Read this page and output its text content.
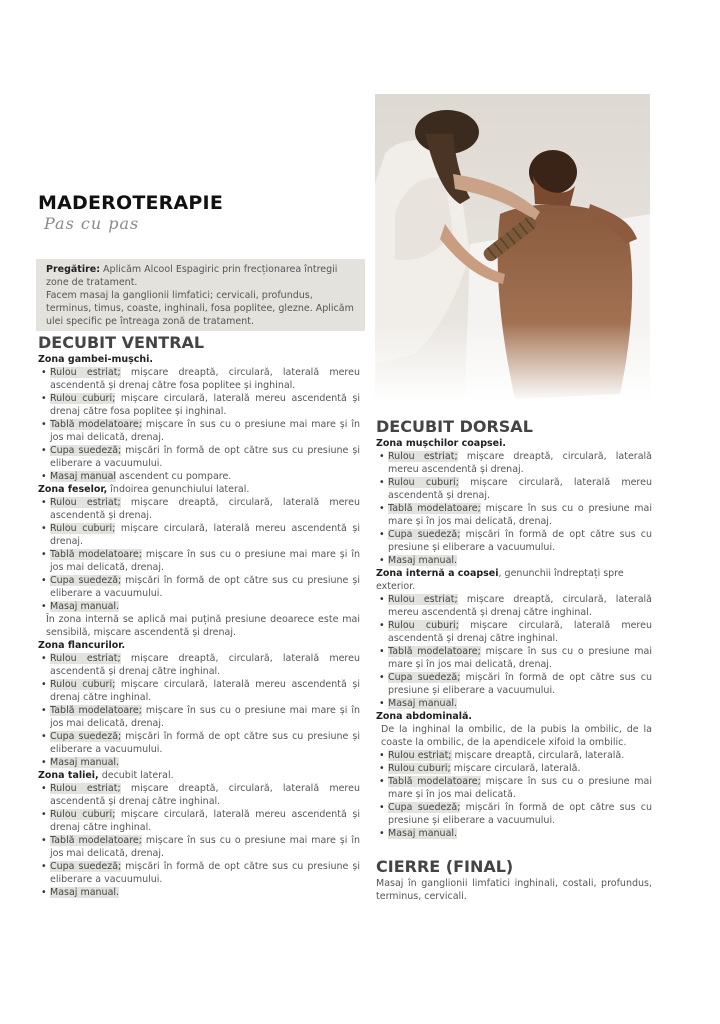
MADEROTERAPIE
Pas cu pas
Pregătire: Aplicăm Alcool Espagiric prin frecționarea întregii zone de tratament.
Facem masaj la ganglionii limfatici; cervicali, profundus, terminus, timus, coaste, inghinali, fosa poplitee, glezne. Aplicăm ulei specific pe întreaga zonă de tratament.
DECUBIT VENTRAL
Zona gambei-mușchi.
• Rulou estriat; mișcare dreaptă, circulară, laterală mereu ascendentă și drenaj către fosa poplitee și inghinal.
• Rulou cuburi; mișcare circulară, laterală mereu ascendentă și drenaj către fosa poplitee și inghinal.
• Tablă modelatoare; mișcare în sus cu o presiune mai mare și în jos mai delicată, drenaj.
• Cupa suedeză; mișcări în formă de opt către sus cu presiune și eliberare a vacuumului.
• Masaj manual ascendent cu pompare.
Zona feselor, îndoirea genunchiului lateral.
• Rulou estriat; mișcare dreaptă, circulară, laterală mereu ascendentă și drenaj.
• Rulou cuburi; mișcare circulară, laterală mereu ascendentă și drenaj.
• Tablă modelatoare; mișcare în sus cu o presiune mai mare și în jos mai delicată, drenaj.
• Cupa suedeză; mișcări în formă de opt către sus cu presiune și eliberare a vacuumului.
• Masaj manual.
În zona internă se aplică mai puțină presiune deoarece este mai sensibilă, mișcare ascendentă și drenaj.
Zona flancurilor.
• Rulou estriat; mișcare dreaptă, circulară, laterală mereu ascendentă și drenaj către inghinal.
• Rulou cuburi; mișcare circulară, laterală mereu ascendentă și drenaj către inghinal.
• Tablă modelatoare; mișcare în sus cu o presiune mai mare și în jos mai delicată, drenaj.
• Cupa suedeză; mișcări în formă de opt către sus cu presiune și eliberare a vacuumului.
• Masaj manual.
Zona taliei, decubit lateral.
• Rulou estriat; mișcare dreaptă, circulară, laterală mereu ascendentă și drenaj către inghinal.
• Rulou cuburi; mișcare circulară, laterală mereu ascendentă și drenaj către inghinal.
• Tablă modelatoare; mișcare în sus cu o presiune mai mare și în jos mai delicată, drenaj.
• Cupa suedeză; mișcări în formă de opt către sus cu presiune și eliberare a vacuumului.
• Masaj manual.
DECUBIT DORSAL
Zona mușchilor coapsei.
• Rulou estriat; mișcare dreaptă, circulară, laterală mereu ascendentă și drenaj.
• Rulou cuburi; mișcare circulară, laterală mereu ascendentă și drenaj.
• Tablă modelatoare; mișcare în sus cu o presiune mai mare și în jos mai delicată, drenaj.
• Cupa suedeză; mișcări în formă de opt către sus cu presiune și eliberare a vacuumului.
• Masaj manual.
Zona internă a coapsei, genunchii îndreptați spre exterior.
• Rulou estriat; mișcare dreaptă, circulară, laterală mereu ascendentă și drenaj către inghinal.
• Rulou cuburi; mișcare circulară, laterală mereu ascendentă și drenaj către inghinal.
• Tablă modelatoare; mișcare în sus cu o presiune mai mare și în jos mai delicată, drenaj.
• Cupa suedeză; mișcări în formă de opt către sus cu presiune și eliberare a vacuumului.
• Masaj manual.
Zona abdominală.
De la inghinal la ombilic, de la pubis la ombilic, de la coaste la ombilic, de la apendicele xifoid la ombilic.
• Rulou estriat; mișcare dreaptă, circulară, laterală.
• Rulou cuburi; mișcare circulară, laterală.
• Tablă modelatoare; mișcare în sus cu o presiune mai mare și în jos mai delicată.
• Cupa suedeză; mișcări în formă de opt către sus cu presiune și eliberare a vacuumului.
• Masaj manual.
CIERRE (FINAL)
Masaj în ganglionii limfatici inghinali, costali, profundus, terminus, cervicali.
